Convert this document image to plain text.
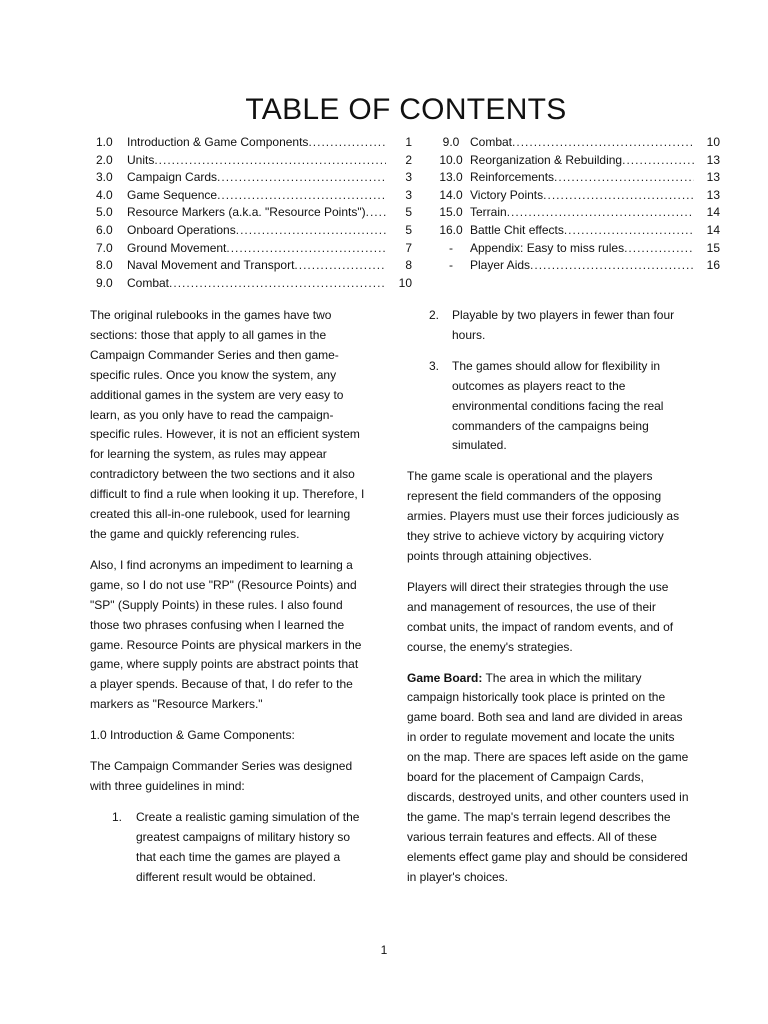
TABLE OF CONTENTS
1.0	Introduction & Game Components .....	1
2.0	Units .....	2
3.0	Campaign Cards .....	3
4.0	Game Sequence .....	3
5.0	Resource Markers (a.k.a. "Resource Points") .....	5
6.0	Onboard Operations .....	5
7.0	Ground Movement .....	7
8.0	Naval Movement and Transport .....	8
9.0	Combat .....	10
9.0 Combat .....	10
10.0 Reorganization & Rebuilding .....	13
13.0 Reinforcements .....	13
14.0 Victory Points .....	13
15.0 Terrain .....	14
16.0 Battle Chit effects .....	14
-	Appendix: Easy to miss rules .....	15
-	Player Aids .....	16

The original rulebooks in the games have two sections: those that apply to all games in the Campaign Commander Series and then game-specific rules. Once you know the system, any additional games in the system are very easy to learn, as you only have to read the campaign-specific rules. However, it is not an efficient system for learning the system, as rules may appear contradictory between the two sections and it also difficult to find a rule when looking it up. Therefore, I created this all-in-one rulebook, used for learning the game and quickly referencing rules.

Also, I find acronyms an impediment to learning a game, so I do not use "RP" (Resource Points) and "SP" (Supply Points) in these rules. I also found those two phrases confusing when I learned the game. Resource Points are physical markers in the game, where supply points are abstract points that a player spends. Because of that, I do refer to the markers as "Resource Markers."

1.0 Introduction & Game Components:

The Campaign Commander Series was designed with three guidelines in mind:

1.	Create a realistic gaming simulation of the greatest campaigns of military history so that each time the games are played a different result would be obtained.
2.	Playable by two players in fewer than four hours.
3.	The games should allow for flexibility in outcomes as players react to the environmental conditions facing the real commanders of the campaigns being simulated.

The game scale is operational and the players represent the field commanders of the opposing armies. Players must use their forces judiciously as they strive to achieve victory by acquiring victory points through attaining objectives.

Players will direct their strategies through the use and management of resources, the use of their combat units, the impact of random events, and of course, the enemy's strategies.

Game Board: The area in which the military campaign historically took place is printed on the game board. Both sea and land are divided in areas in order to regulate movement and locate the units on the map. There are spaces left aside on the game board for the placement of Campaign Cards, discards, destroyed units, and other counters used in the game. The map's terrain legend describes the various terrain features and effects. All of these elements effect game play and should be considered in player's choices.

1
